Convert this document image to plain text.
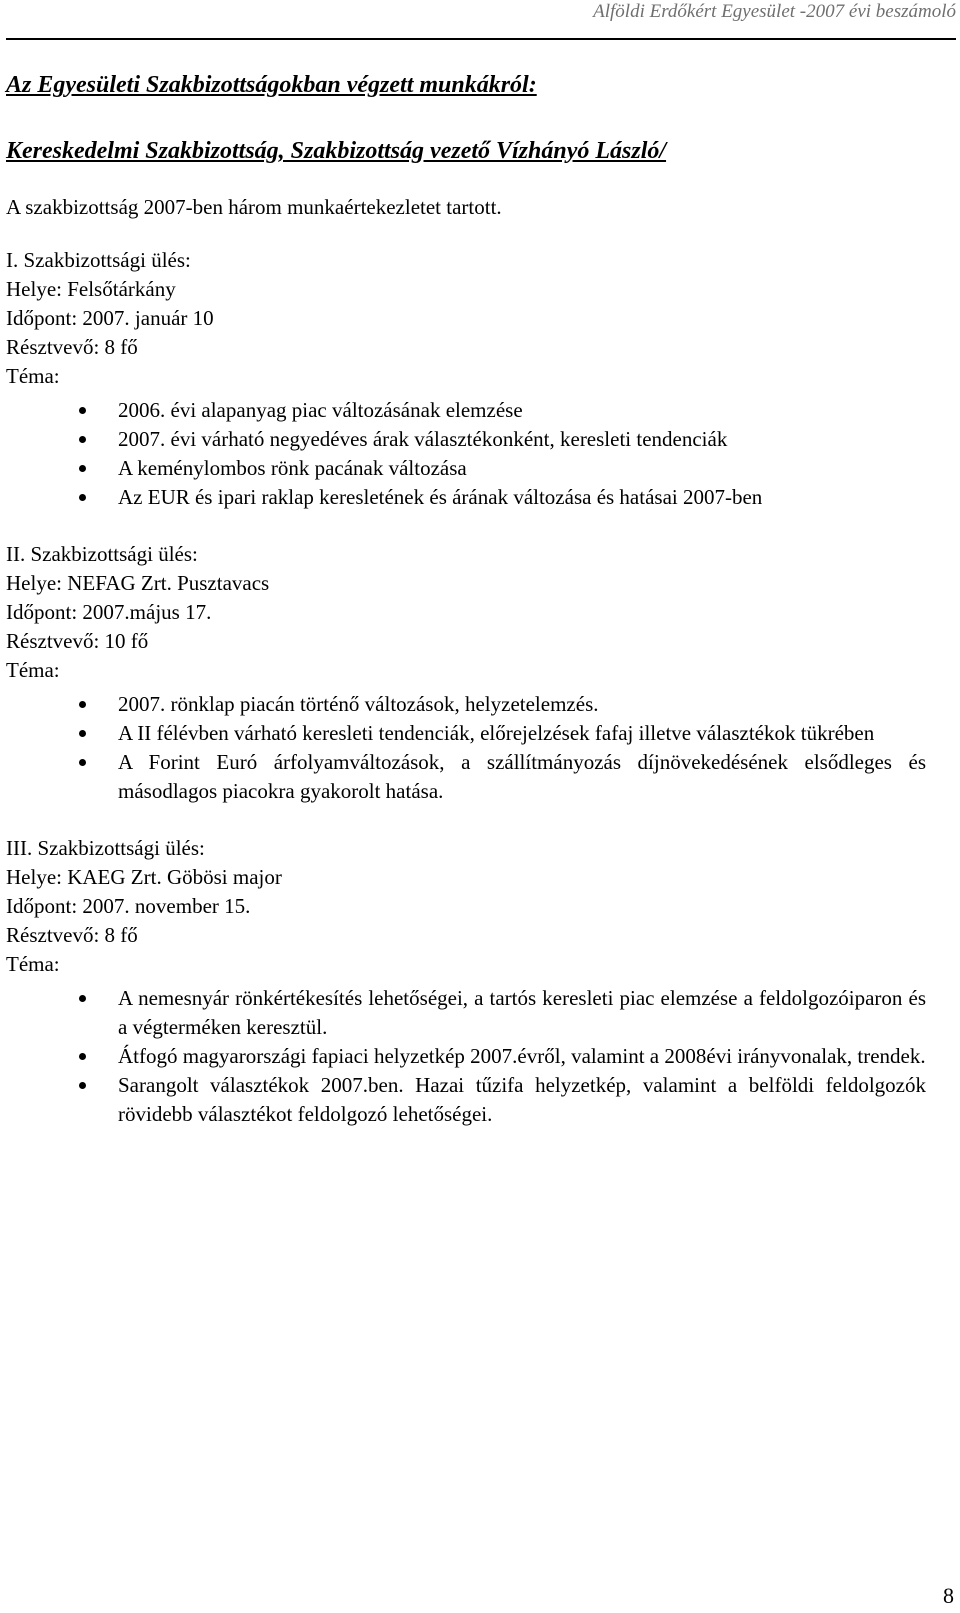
Alföldi Erdőkért Egyesület -2007 évi beszámoló
Az Egyesületi Szakbizottságokban végzett munkákról:
Kereskedelmi Szakbizottság, Szakbizottság vezető Vízhányó László/

A szakbizottság 2007-ben három munkaértekezletet tartott.

I. Szakbizottsági ülés:

Helye: Felsőtárkány

Időpont: 2007. január 10

Résztvevő: 8 fő

Téma:

2006. évi alapanyag piac változásának elemzése
2007. évi várható negyedéves árak választékonként, keresleti tendenciák
A keménylombos rönk pacának változása
Az EUR és ipari raklap keresletének és árának változása és hatásai 2007-ben

II. Szakbizottsági ülés:

Helye: NEFAG Zrt. Pusztavacs

Időpont: 2007.május 17.

Résztvevő: 10 fő

Téma:

2007. rönklap piacán történő változások, helyzetelemzés.
A II félévben várható keresleti tendenciák, előrejelzések fafaj illetve választékok tükrében
A Forint Euró árfolyamváltozások, a szállítmányozás díjnövekedésének elsődleges és másodlagos piacokra gyakorolt hatása.

III. Szakbizottsági ülés:

Helye: KAEG Zrt. Göbösi major

Időpont: 2007. november 15.

Résztvevő: 8 fő

Téma:

A nemesnyár rönkértékesítés lehetőségei, a tartós keresleti piac elemzése a feldolgozóiparon és a végterméken keresztül.
Átfogó magyarországi fapiaci helyzetkép 2007.évről, valamint a 2008évi irányvonalak, trendek.
Sarangolt választékok 2007.ben. Hazai tűzifa helyzetkép, valamint a belföldi feldolgozók rövidebb választékot feldolgozó lehetőségei.
8
